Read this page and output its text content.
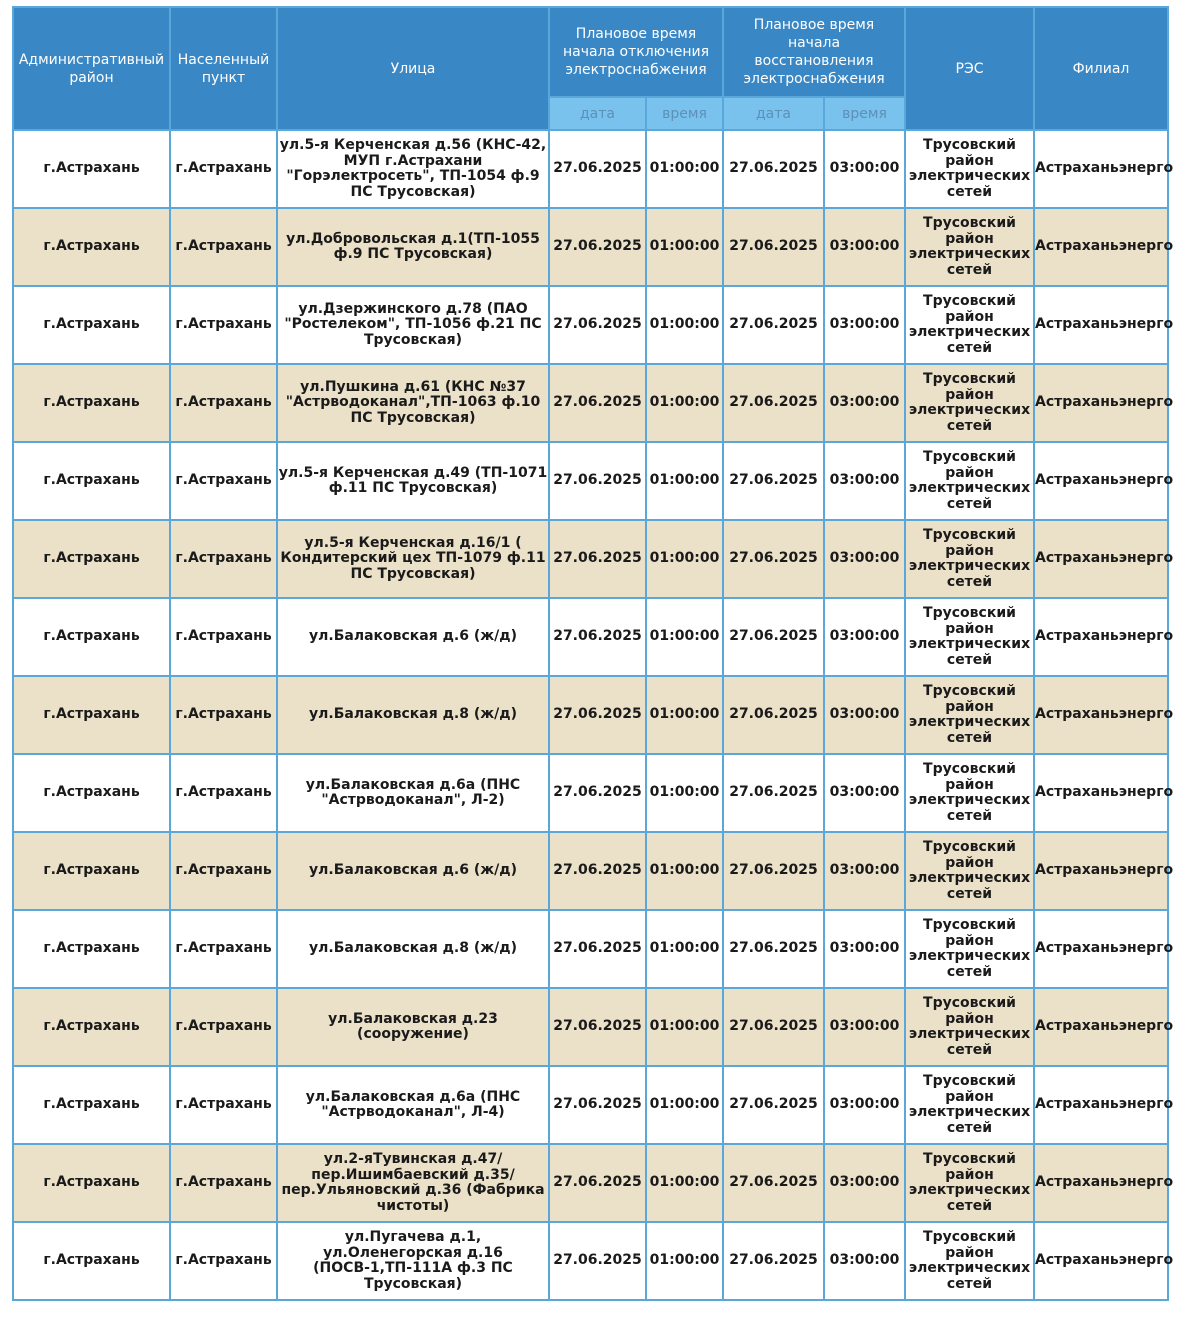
Административный район	Населенный пункт	Улица	Плановое время начала отключения электроснабжения		Плановое время начала восстановления электроснабжения		РЭС	Филиал
			дата	время	дата	время		
г.Астрахань	г.Астрахань	ул.5-я Керченская д.56 (КНС-42, МУП г.Астрахани "Горэлектросеть", ТП-1054 ф.9 ПС Трусовская)	27.06.2025	01:00:00	27.06.2025	03:00:00	Трусовский район электрических сетей	Астраханьэнерго
г.Астрахань	г.Астрахань	ул.Добровольская д.1(ТП-1055 ф.9 ПС Трусовская)	27.06.2025	01:00:00	27.06.2025	03:00:00	Трусовский район электрических сетей	Астраханьэнерго
г.Астрахань	г.Астрахань	ул.Дзержинского д.78 (ПАО "Ростелеком", ТП-1056 ф.21 ПС Трусовская)	27.06.2025	01:00:00	27.06.2025	03:00:00	Трусовский район электрических сетей	Астраханьэнерго
г.Астрахань	г.Астрахань	ул.Пушкина д.61 (КНС №37 "Астрводоканал",ТП-1063 ф.10 ПС Трусовская)	27.06.2025	01:00:00	27.06.2025	03:00:00	Трусовский район электрических сетей	Астраханьэнерго
г.Астрахань	г.Астрахань	ул.5-я Керченская д.49 (ТП-1071 ф.11 ПС Трусовская)	27.06.2025	01:00:00	27.06.2025	03:00:00	Трусовский район электрических сетей	Астраханьэнерго
г.Астрахань	г.Астрахань	ул.5-я Керченская д.16/1 ( Кондитерский цех ТП-1079 ф.11 ПС Трусовская)	27.06.2025	01:00:00	27.06.2025	03:00:00	Трусовский район электрических сетей	Астраханьэнерго
г.Астрахань	г.Астрахань	ул.Балаковская д.6 (ж/д)	27.06.2025	01:00:00	27.06.2025	03:00:00	Трусовский район электрических сетей	Астраханьэнерго
г.Астрахань	г.Астрахань	ул.Балаковская д.8 (ж/д)	27.06.2025	01:00:00	27.06.2025	03:00:00	Трусовский район электрических сетей	Астраханьэнерго
г.Астрахань	г.Астрахань	ул.Балаковская д.6а (ПНС "Астрводоканал", Л-2)	27.06.2025	01:00:00	27.06.2025	03:00:00	Трусовский район электрических сетей	Астраханьэнерго
г.Астрахань	г.Астрахань	ул.Балаковская д.6 (ж/д)	27.06.2025	01:00:00	27.06.2025	03:00:00	Трусовский район электрических сетей	Астраханьэнерго
г.Астрахань	г.Астрахань	ул.Балаковская д.8 (ж/д)	27.06.2025	01:00:00	27.06.2025	03:00:00	Трусовский район электрических сетей	Астраханьэнерго
г.Астрахань	г.Астрахань	ул.Балаковская д.23 (сооружение)	27.06.2025	01:00:00	27.06.2025	03:00:00	Трусовский район электрических сетей	Астраханьэнерго
г.Астрахань	г.Астрахань	ул.Балаковская д.6а (ПНС "Астрводоканал", Л-4)	27.06.2025	01:00:00	27.06.2025	03:00:00	Трусовский район электрических сетей	Астраханьэнерго
г.Астрахань	г.Астрахань	ул.2-яТувинская д.47/ пер.Ишимбаевский д.35/ пер.Ульяновский д.36 (Фабрика чистоты)	27.06.2025	01:00:00	27.06.2025	03:00:00	Трусовский район электрических сетей	Астраханьэнерго
г.Астрахань	г.Астрахань	ул.Пугачева д.1, ул.Оленегорская д.16 (ПОСВ-1,ТП-111А ф.3 ПС Трусовская)	27.06.2025	01:00:00	27.06.2025	03:00:00	Трусовский район электрических сетей	Астраханьэнерго
